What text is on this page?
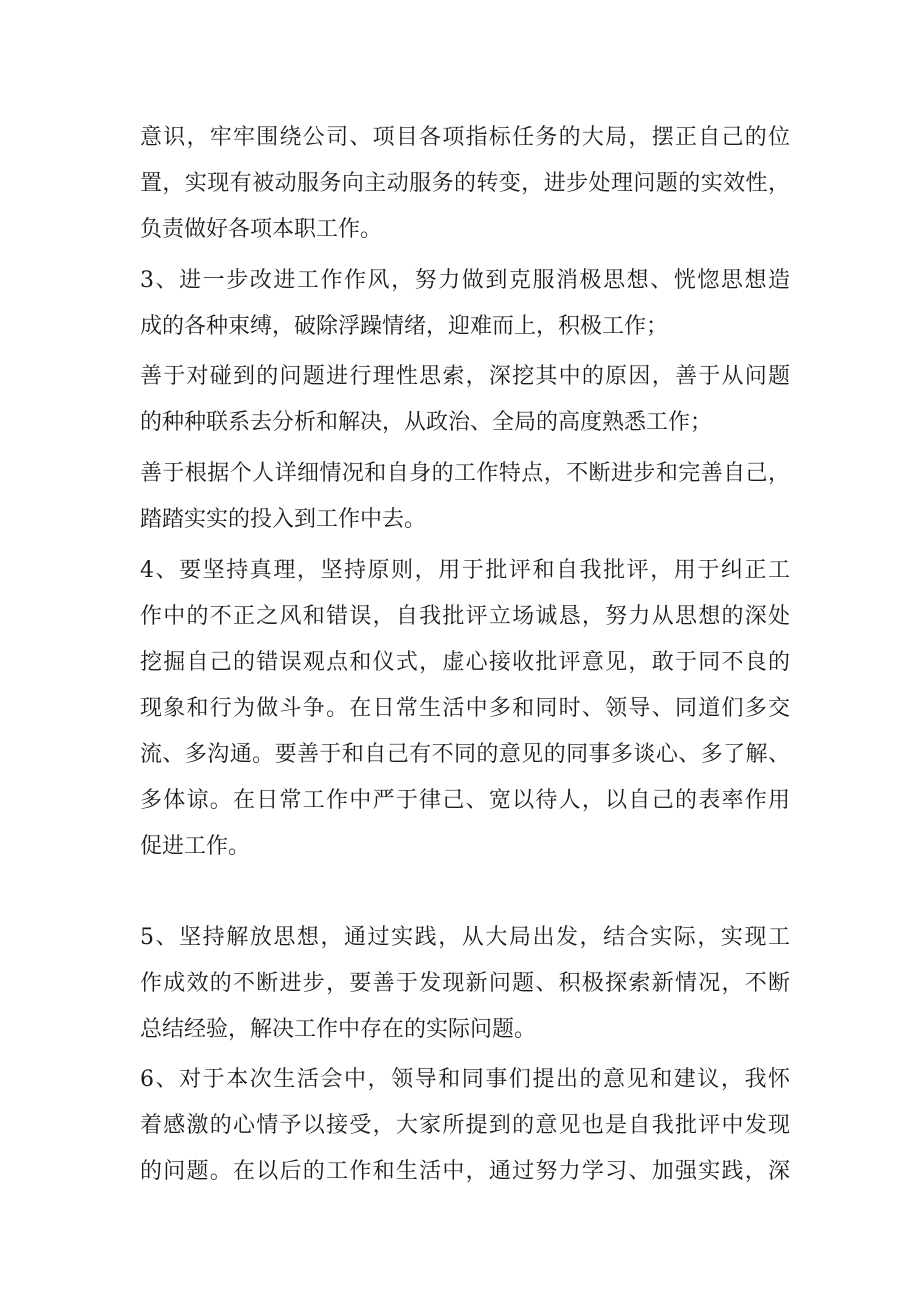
意识，牢牢围绕公司、项目各项指标任务的大局，摆正自己的位
置，实现有被动服务向主动服务的转变，进步处理问题的实效性，
负责做好各项本职工作。
3、进一步改进工作作风，努力做到克服消极思想、恍惚思想造
成的各种束缚，破除浮躁情绪，迎难而上，积极工作；
善于对碰到的问题进行理性思索，深挖其中的原因，善于从问题
的种种联系去分析和解决，从政治、全局的高度熟悉工作；
善于根据个人详细情况和自身的工作特点，不断进步和完善自己，
踏踏实实的投入到工作中去。
4、要坚持真理，坚持原则，用于批评和自我批评，用于纠正工
作中的不正之风和错误，自我批评立场诚恳，努力从思想的深处
挖掘自己的错误观点和仪式，虚心接收批评意见，敢于同不良的
现象和行为做斗争。在日常生活中多和同时、领导、同道们多交
流、多沟通。要善于和自己有不同的意见的同事多谈心、多了解、
多体谅。在日常工作中严于律己、宽以待人，以自己的表率作用
促进工作。
5、坚持解放思想，通过实践，从大局出发，结合实际，实现工
作成效的不断进步，要善于发现新问题、积极探索新情况，不断
总结经验，解决工作中存在的实际问题。
6、对于本次生活会中，领导和同事们提出的意见和建议，我怀
着感激的心情予以接受，大家所提到的意见也是自我批评中发现
的问题。在以后的工作和生活中，通过努力学习、加强实践，深
